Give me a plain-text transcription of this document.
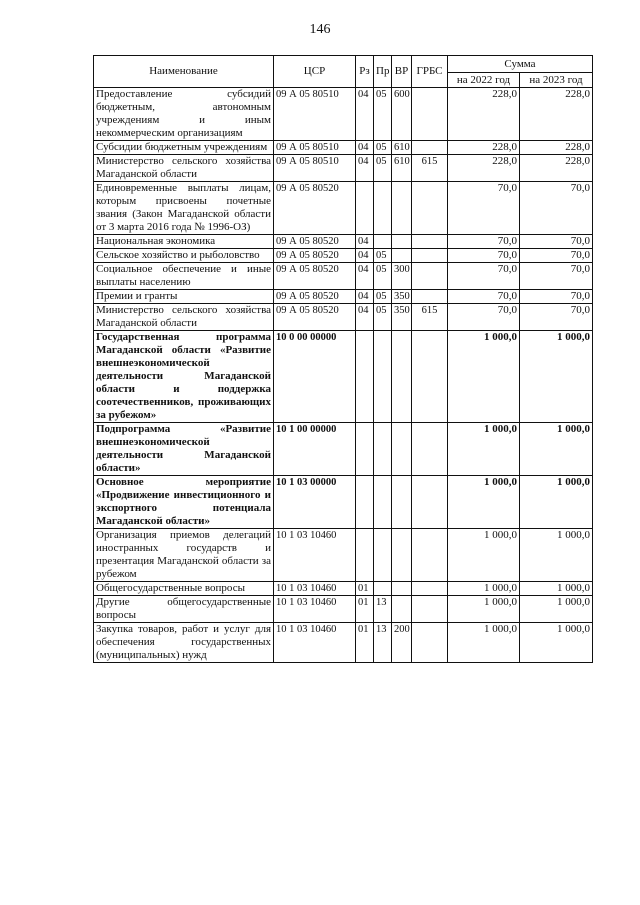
146
Наименование	ЦСР	Рз	Пр	ВР	ГРБС	Сумма	
						на 2022 год	на 2023 год
Предоставление субсидий бюджетным, автономным учреждениям и иным некоммерческим организациям	09 А 05 80510	04	05	600		228,0	228,0
Субсидии бюджетным учреждениям	09 А 05 80510	04	05	610		228,0	228,0
Министерство сельского хозяйства Магаданской области	09 А 05 80510	04	05	610	615	228,0	228,0
Единовременные выплаты лицам, которым присвоены почетные звания (Закон Магаданской области от 3 марта 2016 года № 1996-ОЗ)	09 А 05 80520					70,0	70,0
Национальная экономика	09 А 05 80520	04				70,0	70,0
Сельское хозяйство и рыболовство	09 А 05 80520	04	05			70,0	70,0
Социальное обеспечение и иные выплаты населению	09 А 05 80520	04	05	300		70,0	70,0
Премии и гранты	09 А 05 80520	04	05	350		70,0	70,0
Министерство сельского хозяйства Магаданской области	09 А 05 80520	04	05	350	615	70,0	70,0
Государственная программа Магаданской области «Развитие внешнеэкономической деятельности Магаданской области и поддержка соотечественников, проживающих за рубежом»	10 0 00 00000					1 000,0	1 000,0
Подпрограмма «Развитие внешнеэкономической деятельности Магаданской области»	10 1 00 00000					1 000,0	1 000,0
Основное мероприятие «Продвижение инвестиционного и экспортного потенциала Магаданской области»	10 1 03 00000					1 000,0	1 000,0
Организация приемов делегаций иностранных государств и презентация Магаданской области за рубежом	10 1 03 10460					1 000,0	1 000,0
Общегосударственные вопросы	10 1 03 10460	01				1 000,0	1 000,0
Другие общегосударственные вопросы	10 1 03 10460	01	13			1 000,0	1 000,0
Закупка товаров, работ и услуг для обеспечения государственных (муниципальных) нужд	10 1 03 10460	01	13	200		1 000,0	1 000,0
